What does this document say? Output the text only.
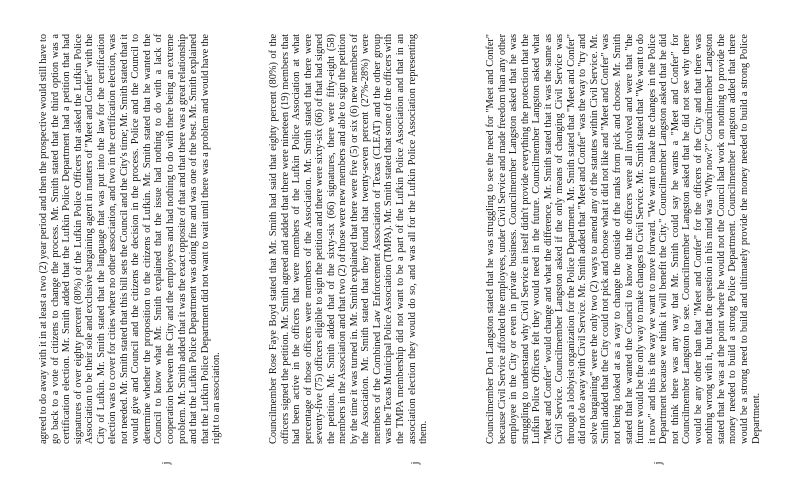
agreed to do away with it in at least a two (2) year period and then the prospective would still have to go back to a vote of citizens to change the process. Mr. Smith stated that the third option was a certification election. Mr. Smith added that the Lufkin Police Department had a petition that had signatures of over eighty percent (80%) of the Lufkin Police Officers that asked the Lufkin Police Association to be their sole and exclusive bargaining agent in matters of "Meet and Confer" with the City of Lufkin. Mr. Smith stated that the language that was put into the law for the certification election was to cover for cities where no other association, and two in the certification election, was not needed. Mr. Smith stated that this bill sets the Council and the City's time; Mr. Smith stated that it would give and Council and the citizens the decision in the process. Police and the Council to determine whether the proposition to the citizens of Lufkin. Mr. Smith stated that he wanted the Council to know what Mr. Smith explained that the issue had nothing to do with a lack of cooperation between the City and the employees and had nothing to do with there being an extreme problem. Mr. Smith added that it was the exact opposite of that and that there was a great relationship and that the Lufkin Police Department was doing fine and was one of the best. Mr. Smith explained that the Lufkin Police Department did not want to wait until there was a problem and would have the right to an association.	Councilmember Rose Faye Boyd stated that Mr. Smith had said that eighty percent (80%) of the officers signed the petition. Mr. Smith agreed and added that there were nineteen (19) members that had been active in the officers that were members of the Lufkin Police Association at what percentage of those officers were members of the Association. Mr. Smith stated that there were seventy-five (75) officers eligible to sign the petition and there were sixty-six (66) of that had signed the petition. Mr. Smith added that of the sixty-six (66) signatures, there were fifty-eight (58) members in the Association and that two (2) of those were new members and able to sign the petition by the time it was turned in. Mr. Smith explained that there were five (5) or six (6) new members of the Association. Mr. Smith stated that they found that twenty-seven percent (27%-28%) were members of the Combined Law Enforcement Association of Texas (CLEAT) and the other group was the Texas Municipal Police Association (TMPA). Mr. Smith stated that some of the officers with the TMPA membership did not want to be a part of the Lufkin Police Association and that in an association election they would do so, and was all for the Lufkin Police Association representing them.	Councilmember Don Langston stated that he was struggling to see the need for "Meet and Confer" because Civil Service afforded the employees, under Civil Service and made freedom than any other employee in the City or even in private business. Councilmember Langston asked that he was struggling to understand why Civil Service in itself didn't provide everything the protection that the Lufkin Police Officers felt they would need in the future. Councilmember Langston asked what "Meet and Confer" would change and what the difference, Mr. Smith stated that it was the same as Civil Service. Councilmember Langston asked if the only means of changing Civil Service was through a lobbyist organization for the Police Department. Mr. Smith stated that "Meet and Confer" did not do away with Civil Service. Mr. Smith added that "Meet and Confer" was the way to "try and solve bargaining" were the only two (2) ways to amend any of the statutes within Civil Service. Mr. Smith added that the City could not pick and choose what it did not like and "Meet and Confer" was not being looked at as a way to change the outside of the ranks from pick and choose. Mr. Smith stated that he wanted the Council to know that the officers were all involved and were that "the future would be the only way to make changes to Civil Service. Mr. Smith stated that "We want to do it now" and this is the way we want to move forward. "We want to make the changes in the Police Department because we think it will benefit the City." Councilmember Langston asked that he did not think there was any way that Mr. Smith could say he wants a "Meet and Confer" for Councilmember Langston to see. Councilmember Langston asked that he did not see why there would be any other than that "Meet and Confer" for the officers of the City and that there was nothing wrong with it, but that the question in his mind was "Why now?" Councilmember Langston stated that he was at the point where he would not the Council had work on nothing to provide the money needed to build a strong Police Department. Councilmember Langston added that there would be a strong need to build and ultimately provide the money needed to build a strong Police Department.

j	j	j
